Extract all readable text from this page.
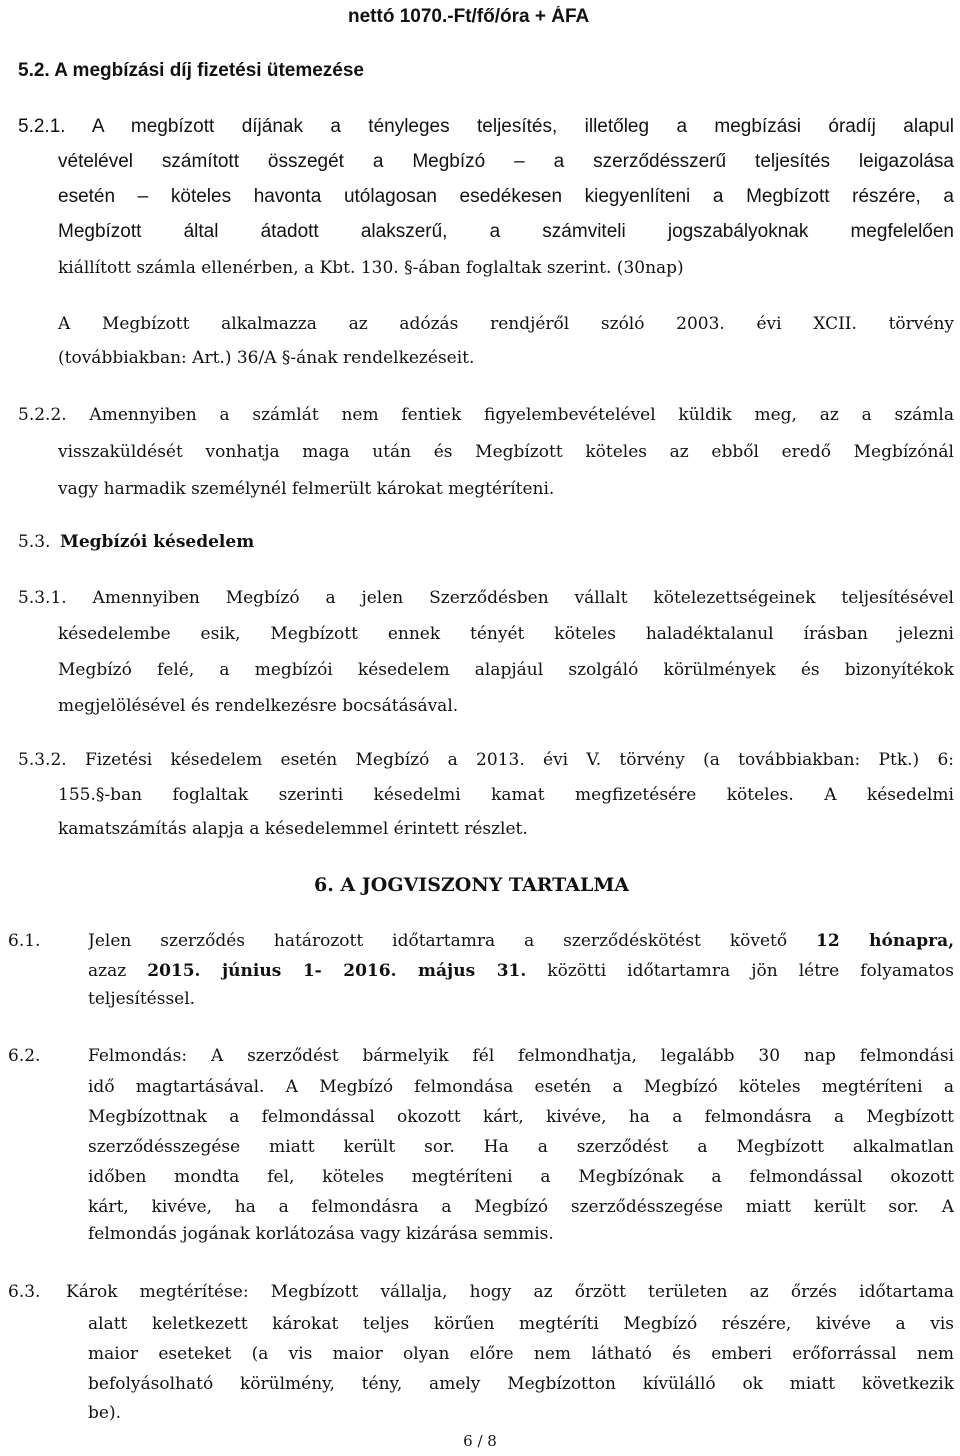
nettó 1070.-Ft/fő/óra + ÁFA
5.2. A megbízási díj fizetési ütemezése
5.2.1. A megbízott díjának a tényleges teljesítés, illetőleg a megbízási óradíj alapul
vételével számított összegét a Megbízó – a szerződésszerű teljesítés leigazolása
esetén – köteles havonta utólagosan esedékesen kiegyenlíteni a Megbízott részére, a
Megbízott által átadott alakszerű, a számviteli jogszabályoknak megfelelően
kiállított számla ellenérben, a Kbt. 130. §-ában foglaltak szerint. (30nap)
A Megbízott alkalmazza az adózás rendjéről szóló 2003. évi XCII. törvény
(továbbiakban: Art.) 36/A §-ának rendelkezéseit.
5.2.2. Amennyiben a számlát nem fentiek figyelembevételével küldik meg, az a számla
visszaküldését vonhatja maga után és Megbízott köteles az ebből eredő Megbízónál
vagy harmadik személynél felmerült károkat megtéríteni.
5.3. Megbízói késedelem
5.3.1. Amennyiben Megbízó a jelen Szerződésben vállalt kötelezettségeinek teljesítésével
késedelembe esik, Megbízott ennek tényét köteles haladéktalanul írásban jelezni
Megbízó felé, a megbízói késedelem alapjául szolgáló körülmények és bizonyítékok
megjelölésével és rendelkezésre bocsátásával.
5.3.2. Fizetési késedelem esetén Megbízó a 2013. évi V. törvény (a továbbiakban: Ptk.) 6:
155.§-ban foglaltak szerinti késedelmi kamat megfizetésére köteles. A késedelmi
kamatszámítás alapja a késedelemmel érintett részlet.
6. A JOGVISZONY TARTALMA
6.1.	Jelen szerződés határozott időtartamra a szerződéskötést követő 12 hónapra,
azaz 2015. június 1- 2016. május 31. közötti időtartamra jön létre folyamatos
teljesítéssel.
6.2.	Felmondás: A szerződést bármelyik fél felmondhatja, legalább 30 nap felmondási
idő magtartásával. A Megbízó felmondása esetén a Megbízó köteles megtéríteni a
Megbízottnak a felmondással okozott kárt, kivéve, ha a felmondásra a Megbízott
szerződésszegése miatt került sor. Ha a szerződést a Megbízott alkalmatlan
időben mondta fel, köteles megtéríteni a Megbízónak a felmondással okozott
kárt, kivéve, ha a felmondásra a Megbízó szerződésszegése miatt került sor. A
felmondás jogának korlátozása vagy kizárása semmis.
6.3. Károk megtérítése: Megbízott vállalja, hogy az őrzött területen az őrzés időtartama
alatt keletkezett károkat teljes körűen megtéríti Megbízó részére, kivéve a vis
maior eseteket (a vis maior olyan előre nem látható és emberi erőforrással nem
befolyásolható körülmény, tény, amely Megbízotton kívülálló ok miatt következik
be).
6 / 8
